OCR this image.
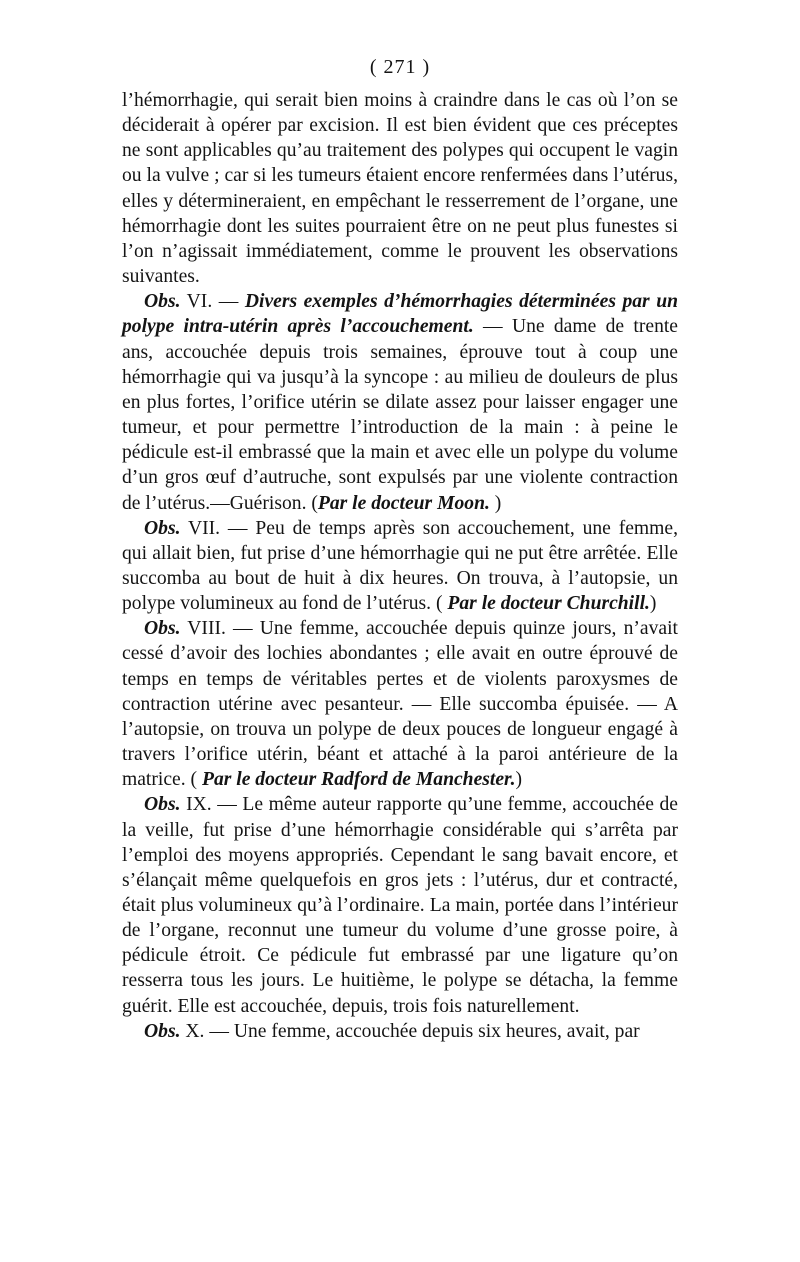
( 271 )

l’hémorrhagie, qui serait bien moins à craindre dans le cas où l’on se déciderait à opérer par excision. Il est bien évident que ces préceptes ne sont applicables qu’au traitement des polypes qui occupent le vagin ou la vulve ; car si les tumeurs étaient encore renfermées dans l’utérus, elles y détermineraient, en empêchant le resserrement de l’organe, une hémorrhagie dont les suites pourraient être on ne peut plus funestes si l’on n’agissait immédiatement, comme le prouvent les observations suivantes.

Obs. VI. — Divers exemples d’hémorrhagies déterminées par un polype intra-utérin après l’accouchement. — Une dame de trente ans, accouchée depuis trois semaines, éprouve tout à coup une hémorrhagie qui va jusqu’à la syncope : au milieu de douleurs de plus en plus fortes, l’orifice utérin se dilate assez pour laisser engager une tumeur, et pour permettre l’introduction de la main : à peine le pédicule est-il embrassé que la main et avec elle un polype du volume d’un gros œuf d’autruche, sont expulsés par une violente contraction de l’utérus.—Guérison. (Par le docteur Moon. )

Obs. VII. — Peu de temps après son accouchement, une femme, qui allait bien, fut prise d’une hémorrhagie qui ne put être arrêtée. Elle succomba au bout de huit à dix heures. On trouva, à l’autopsie, un polype volumineux au fond de l’utérus. ( Par le docteur Churchill.)

Obs. VIII. — Une femme, accouchée depuis quinze jours, n’avait cessé d’avoir des lochies abondantes ; elle avait en outre éprouvé de temps en temps de véritables pertes et de violents paroxysmes de contraction utérine avec pesanteur. — Elle succomba épuisée. — A l’autopsie, on trouva un polype de deux pouces de longueur engagé à travers l’orifice utérin, béant et attaché à la paroi antérieure de la matrice. ( Par le docteur Radford de Manchester.)

Obs. IX. — Le même auteur rapporte qu’une femme, accouchée de la veille, fut prise d’une hémorrhagie considérable qui s’arrêta par l’emploi des moyens appropriés. Cependant le sang bavait encore, et s’élançait même quelquefois en gros jets : l’utérus, dur et contracté, était plus volumineux qu’à l’ordinaire. La main, portée dans l’intérieur de l’organe, reconnut une tumeur du volume d’une grosse poire, à pédicule étroit. Ce pédicule fut embrassé par une ligature qu’on resserra tous les jours. Le huitième, le polype se détacha, la femme guérit. Elle est accouchée, depuis, trois fois naturellement.

Obs. X. — Une femme, accouchée depuis six heures, avait, par
